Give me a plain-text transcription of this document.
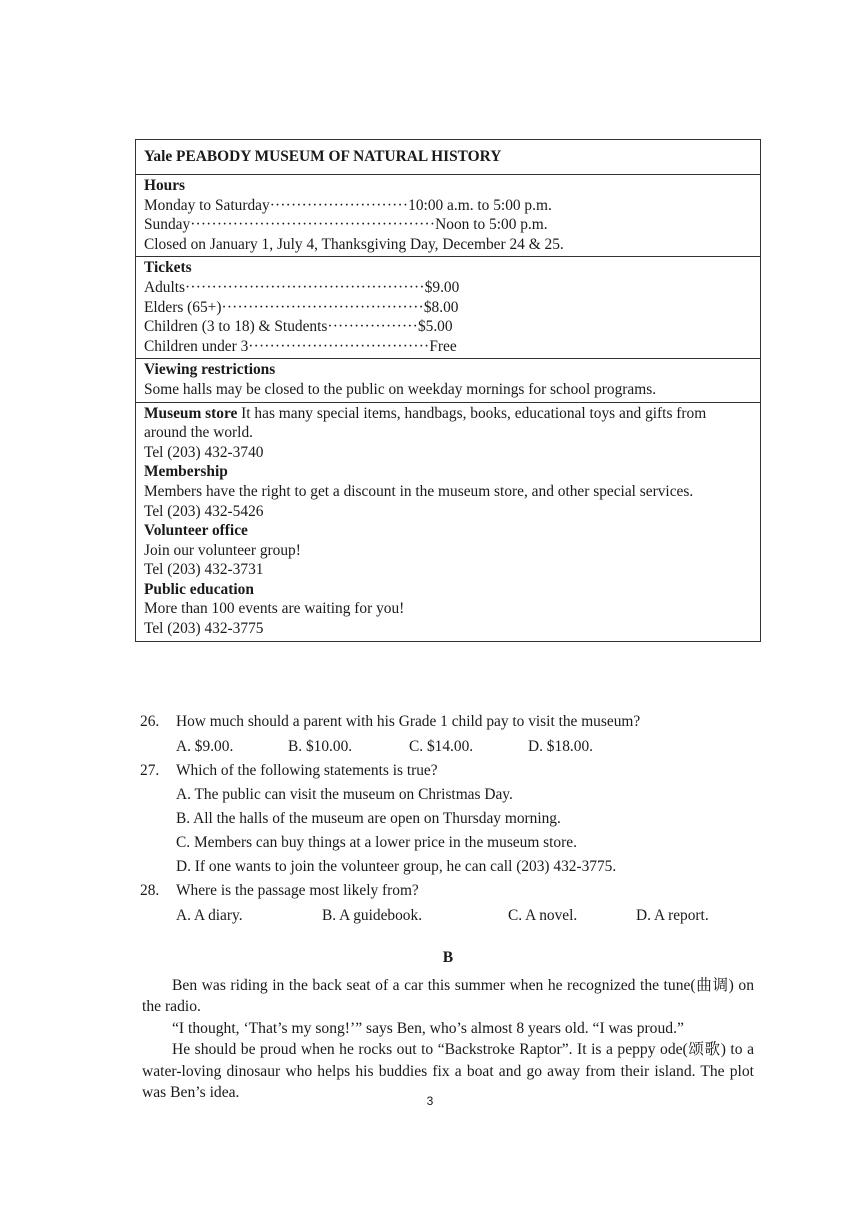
Yale PEABODY MUSEUM OF NATURAL HISTORY
Hours
Monday to Saturday··························10:00 a.m. to 5:00 p.m.
Sunday··············································Noon to 5:00 p.m.
Closed on January 1, July 4, Thanksgiving Day, December 24 & 25.
Tickets
Adults·············································$9.00
Elders (65+)······································$8.00
Children (3 to 18) & Students·················$5.00
Children under 3··································Free
Viewing restrictions
Some halls may be closed to the public on weekday mornings for school programs.
Museum store It has many special items, handbags, books, educational toys and gifts from around the world.
Tel (203) 432-3740
Membership
Members have the right to get a discount in the museum store, and other special services.
Tel (203) 432-5426
Volunteer office
Join our volunteer group!
Tel (203) 432-3731
Public education
More than 100 events are waiting for you!
Tel (203) 432-3775
26. How much should a parent with his Grade 1 child pay to visit the museum?
A. $9.00.	B. $10.00.	C. $14.00.	D. $18.00.
27. Which of the following statements is true?
A. The public can visit the museum on Christmas Day.
B. All the halls of the museum are open on Thursday morning.
C. Members can buy things at a lower price in the museum store.
D. If one wants to join the volunteer group, he can call (203) 432-3775.
28. Where is the passage most likely from?
A. A diary.	B. A guidebook.	C. A novel.	D. A report.
B

Ben was riding in the back seat of a car this summer when he recognized the tune(曲调) on the radio.

“I thought, ‘That’s my song!’” says Ben, who’s almost 8 years old. “I was proud.”

He should be proud when he rocks out to “Backstroke Raptor”. It is a peppy ode(颂歌) to a water-loving dinosaur who helps his buddies fix a boat and go away from their island. The plot was Ben’s idea.	3
